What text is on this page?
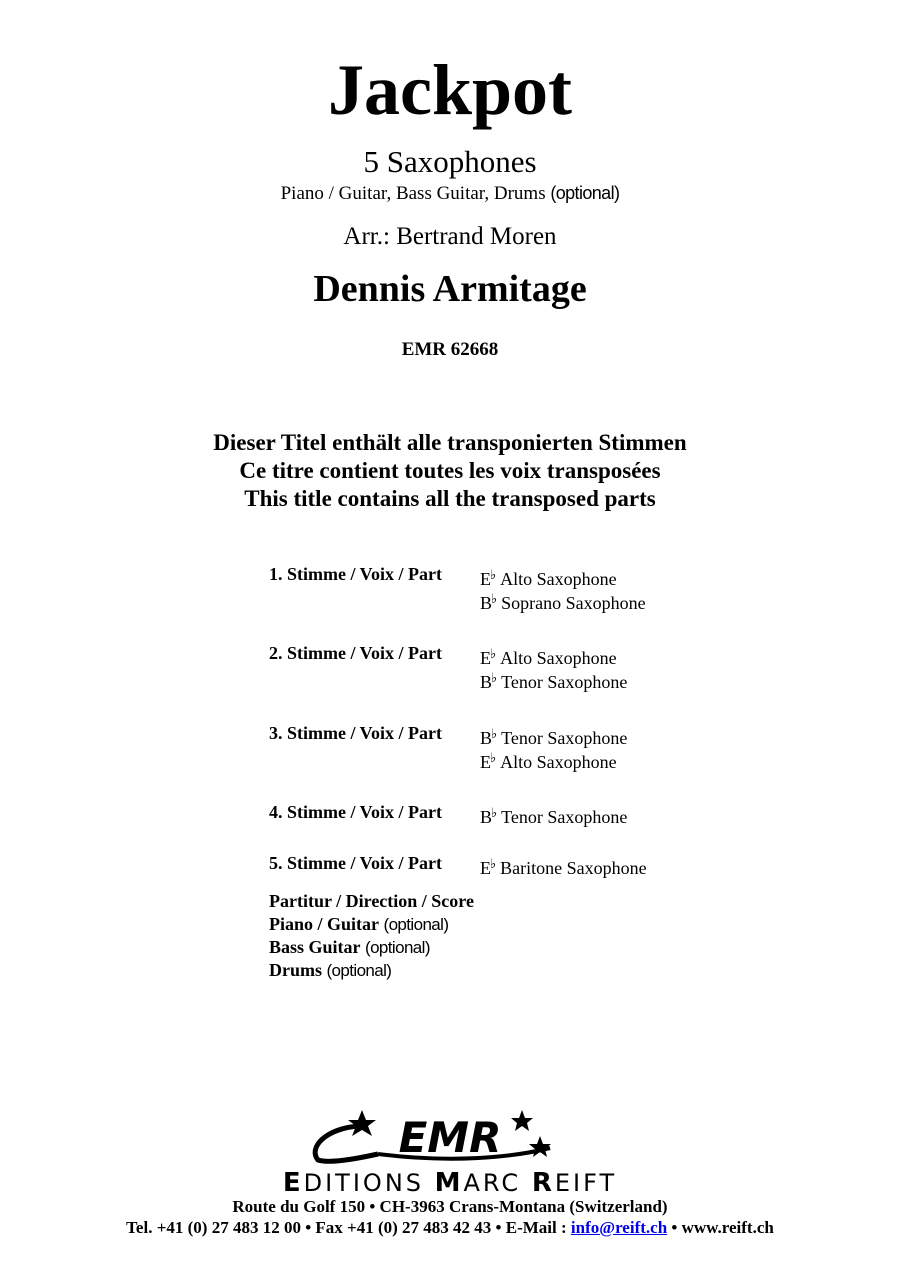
Jackpot
5 Saxophones
Piano / Guitar, Bass Guitar, Drums (optional)
Arr.: Bertrand Moren
Dennis Armitage
EMR 62668
Dieser Titel enthält alle transponierten Stimmen
Ce titre contient toutes les voix transposées
This title contains all the transposed parts
1. Stimme / Voix / Part	E♭ Alto Saxophone
B♭ Soprano Saxophone
2. Stimme / Voix / Part	E♭ Alto Saxophone
B♭ Tenor Saxophone
3. Stimme / Voix / Part	B♭ Tenor Saxophone
E♭ Alto Saxophone
4. Stimme / Voix / Part	B♭ Tenor Saxophone
5. Stimme / Voix / Part	E♭ Baritone Saxophone
Partitur / Direction / Score
Piano / Guitar (optional)
Bass Guitar (optional)
Drums (optional)
EMR
EDITIONS MARC REIFT
Route du Golf 150 • CH-3963 Crans-Montana (Switzerland)
Tel. +41 (0) 27 483 12 00 • Fax +41 (0) 27 483 42 43 • E-Mail : info@reift.ch • www.reift.ch
